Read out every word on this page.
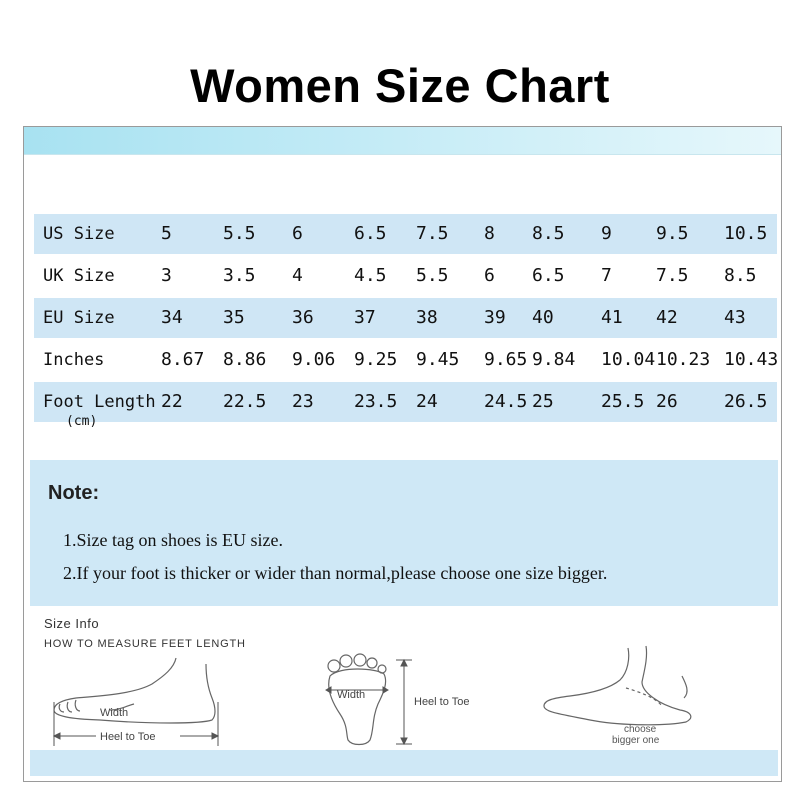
Women Size Chart
US Size	5	5.5 6	6.5 7.5 8 8.5 9 9.5 10.5
UK Size	3	3.5 4	4.5 5.5 6 6.5 7 7.5 8.5
EU Size	34 35	36 37 38	39 40	41 42	43
Inches	8.67 8.86 9.06 9.25 9.45 9.65 9.84 10.04 10.23 10.43
Foot Length 22 22.5 23 23.5 24	24.5 25	25.5 26	26.5
(cm)
Note:
1.Size tag on shoes is EU size.
2.If your foot is thicker or wider than normal,please choose one size bigger.
Size Info
HOW TO MEASURE FEET LENGTH
Width
Heel to Toe
Width
Heel to Toe
choose
bigger one
